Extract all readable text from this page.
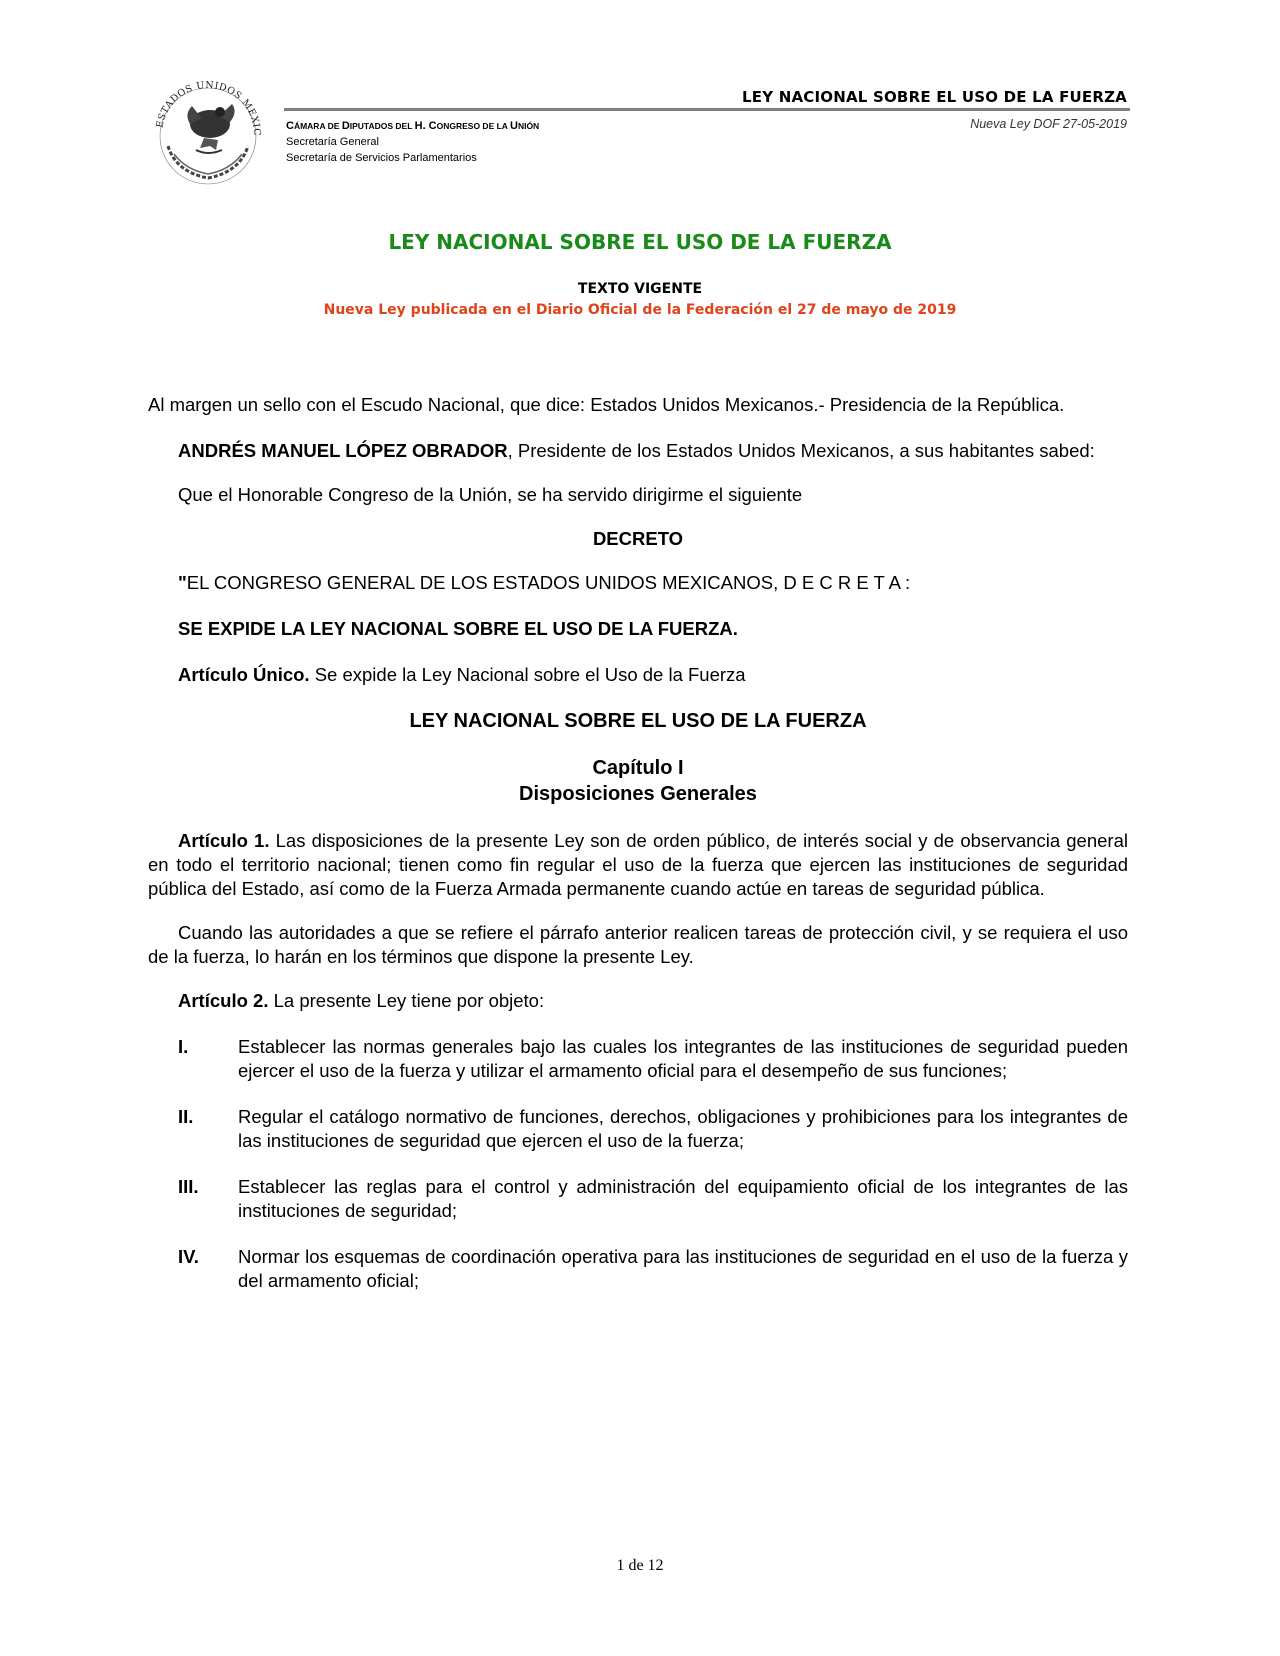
ESTADOS UNIDOS MEXIC
LEY NACIONAL SOBRE EL USO DE LA FUERZA
CÁMARA DE DIPUTADOS DEL H. CONGRESO DE LA UNIÓN
Secretaría General
Secretaría de Servicios Parlamentarios
Nueva Ley DOF 27-05-2019
LEY NACIONAL SOBRE EL USO DE LA FUERZA
TEXTO VIGENTE
Nueva Ley publicada en el Diario Oficial de la Federación el 27 de mayo de 2019

Al margen un sello con el Escudo Nacional, que dice: Estados Unidos Mexicanos.- Presidencia de la República.

ANDRÉS MANUEL LÓPEZ OBRADOR, Presidente de los Estados Unidos Mexicanos, a sus habitantes sabed:

Que el Honorable Congreso de la Unión, se ha servido dirigirme el siguiente

DECRETO

"EL CONGRESO GENERAL DE LOS ESTADOS UNIDOS MEXICANOS, D E C R E T A :

SE EXPIDE LA LEY NACIONAL SOBRE EL USO DE LA FUERZA.

Artículo Único. Se expide la Ley Nacional sobre el Uso de la Fuerza

LEY NACIONAL SOBRE EL USO DE LA FUERZA

Capítulo I

Disposiciones Generales

Artículo 1. Las disposiciones de la presente Ley son de orden público, de interés social y de observancia general en todo el territorio nacional; tienen como fin regular el uso de la fuerza que ejercen las instituciones de seguridad pública del Estado, así como de la Fuerza Armada permanente cuando actúe en tareas de seguridad pública.

Cuando las autoridades a que se refiere el párrafo anterior realicen tareas de protección civil, y se requiera el uso de la fuerza, lo harán en los términos que dispone la presente Ley.

Artículo 2. La presente Ley tiene por objeto:

I.	Establecer las normas generales bajo las cuales los integrantes de las instituciones de seguridad pueden ejercer el uso de la fuerza y utilizar el armamento oficial para el desempeño de sus funciones;
II.	Regular el catálogo normativo de funciones, derechos, obligaciones y prohibiciones para los integrantes de las instituciones de seguridad que ejercen el uso de la fuerza;
III.	Establecer las reglas para el control y administración del equipamiento oficial de los integrantes de las instituciones de seguridad;
IV.	Normar los esquemas de coordinación operativa para las instituciones de seguridad en el uso de la fuerza y del armamento oficial;
1 de 12
